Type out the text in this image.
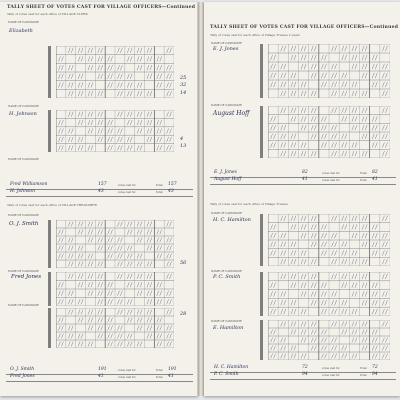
TALLY SHEET OF VOTES CAST FOR VILLAGE OFFICERS—Continued
Tally of votes cast for each office of VILLAGE CLERK
Tally of votes cast for each office of VILLAGE TREASURER
NAME OF CANDIDATE
NAME OF CANDIDATE
NAME OF CANDIDATE
NAME OF CANDIDATE
NAME OF CANDIDATE
NAME OF CANDIDATE
Elizabeth
H. Johnson
O. J. Smith
Fred Jones
25
32
14
4
13
56
28
Fred Williamson	157	votes cast for	Total 157
H. Johnson	43	votes cast for	Total 43
O. J. Smith	191	votes cast for	Total 191
Fred Jones	41	votes cast for	Total 41
TALLY SHEET OF VOTES CAST FOR VILLAGE OFFICERS—Continued
Tally of votes cast for each office of Village Trustee 2 years
Tally of votes cast for each office of Village Trustee
NAME OF CANDIDATE
NAME OF CANDIDATE
NAME OF CANDIDATE
NAME OF CANDIDATE
NAME OF CANDIDATE
E. J. Jones
August Hoff
H. C. Hamilton
P. C. Smith
E. Hamilton
E. J. Jones	82	votes cast for	Total 82
August Hoff	41	votes cast for	Total 41
H. C. Hamilton	72	votes cast for	Total 72
P. C. Smith	94	votes cast for	Total 94
